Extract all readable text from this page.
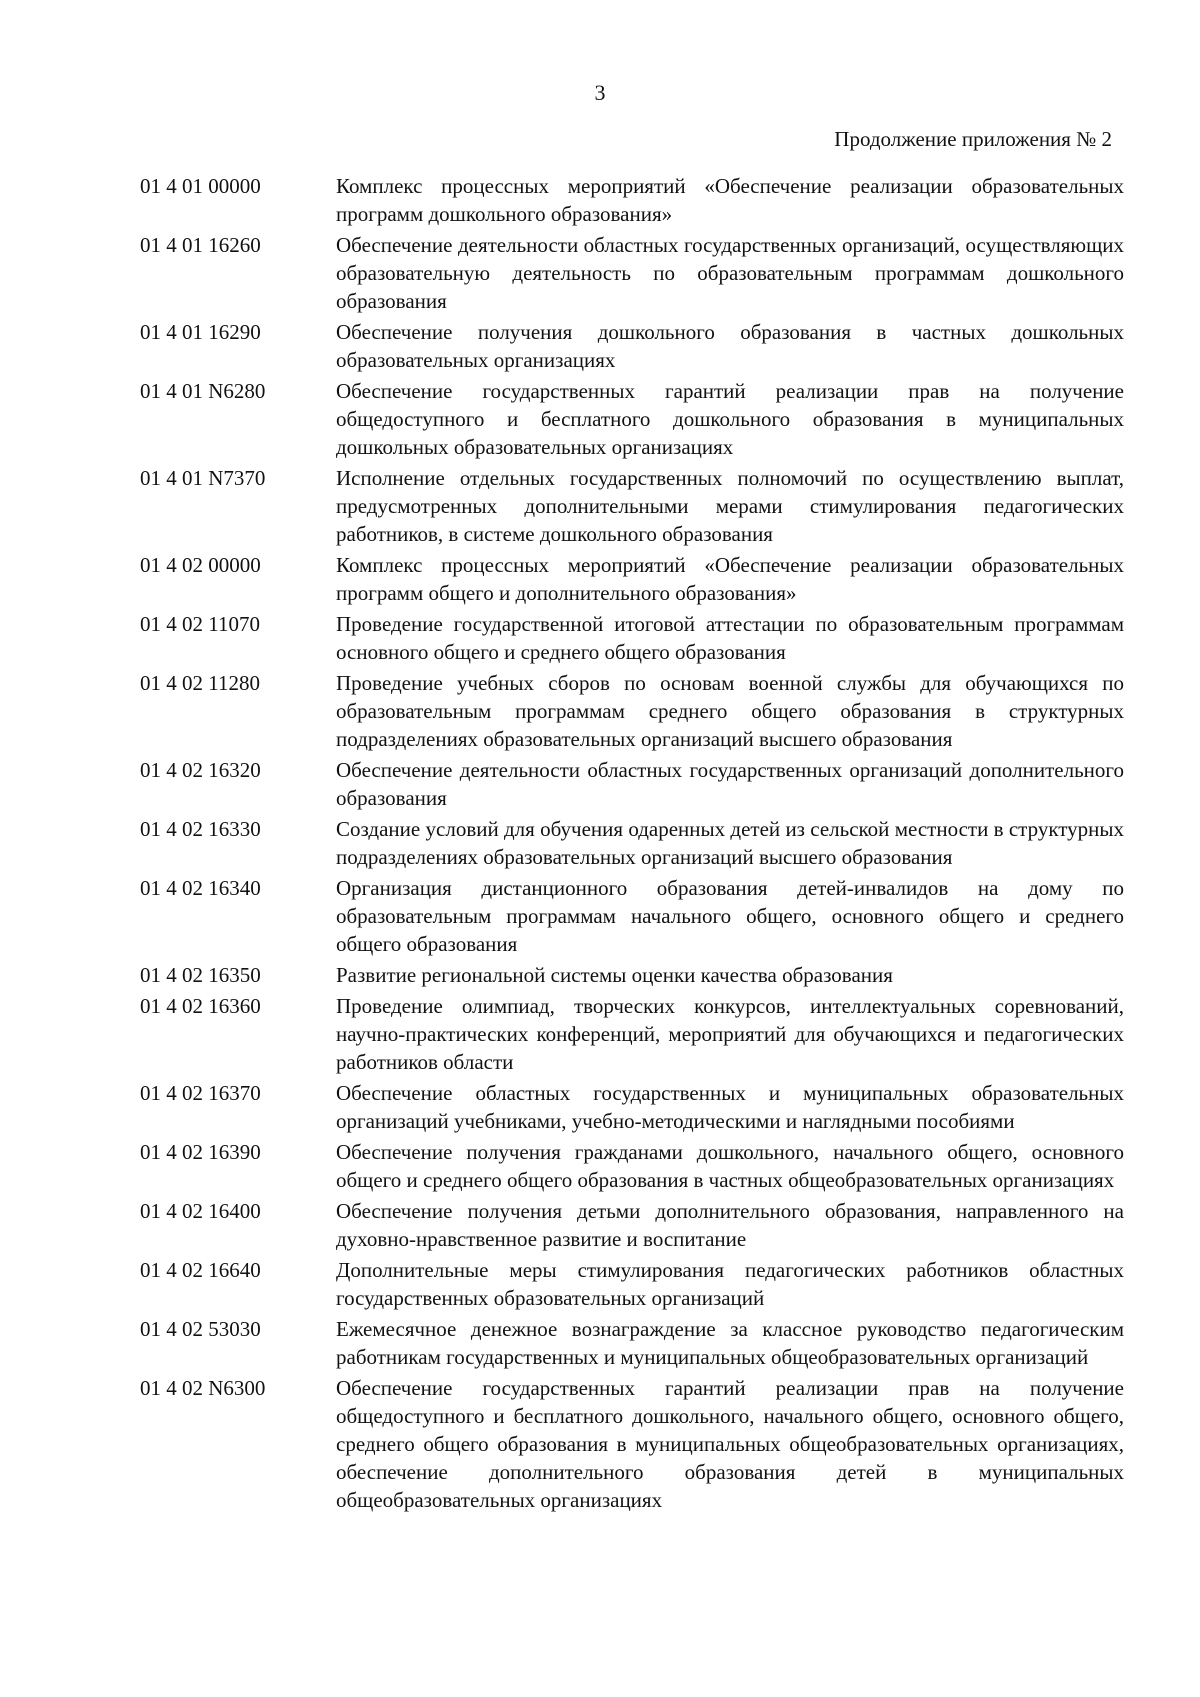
3
Продолжение приложения № 2
01 4 01 00000	Комплекс процессных мероприятий «Обеспечение реализации образовательных программ дошкольного образования»
01 4 01 16260	Обеспечение деятельности областных государственных организаций, осуществляющих образовательную деятельность по образовательным программам дошкольного образования
01 4 01 16290	Обеспечение получения дошкольного образования в частных дошкольных образовательных организациях
01 4 01 N6280	Обеспечение государственных гарантий реализации прав на получение общедоступного и бесплатного дошкольного образования в муниципальных дошкольных образовательных организациях
01 4 01 N7370	Исполнение отдельных государственных полномочий по осуществлению выплат, предусмотренных дополнительными мерами стимулирования педагогических работников, в системе дошкольного образования
01 4 02 00000	Комплекс процессных мероприятий «Обеспечение реализации образовательных программ общего и дополнительного образования»
01 4 02 11070	Проведение государственной итоговой аттестации по образовательным программам основного общего и среднего общего образования
01 4 02 11280	Проведение учебных сборов по основам военной службы для обучающихся по образовательным программам среднего общего образования в структурных подразделениях образовательных организаций высшего образования
01 4 02 16320	Обеспечение деятельности областных государственных организаций дополнительного образования
01 4 02 16330	Создание условий для обучения одаренных детей из сельской местности в структурных подразделениях образовательных организаций высшего образования
01 4 02 16340	Организация дистанционного образования детей-инвалидов на дому по образовательным программам начального общего, основного общего и среднего общего образования
01 4 02 16350	Развитие региональной системы оценки качества образования
01 4 02 16360	Проведение олимпиад, творческих конкурсов, интеллектуальных соревнований, научно-практических конференций, мероприятий для обучающихся и педагогических работников области
01 4 02 16370	Обеспечение областных государственных и муниципальных образовательных организаций учебниками, учебно-методическими и наглядными пособиями
01 4 02 16390	Обеспечение получения гражданами дошкольного, начального общего, основного общего и среднего общего образования в частных общеобразовательных организациях
01 4 02 16400	Обеспечение получения детьми дополнительного образования, направленного на духовно-нравственное развитие и воспитание
01 4 02 16640	Дополнительные меры стимулирования педагогических работников областных государственных образовательных организаций
01 4 02 53030	Ежемесячное денежное вознаграждение за классное руководство педагогическим работникам государственных и муниципальных общеобразовательных организаций
01 4 02 N6300	Обеспечение государственных гарантий реализации прав на получение общедоступного и бесплатного дошкольного, начального общего, основного общего, среднего общего образования в муниципальных общеобразовательных организациях, обеспечение дополнительного образования детей в муниципальных общеобразовательных организациях
